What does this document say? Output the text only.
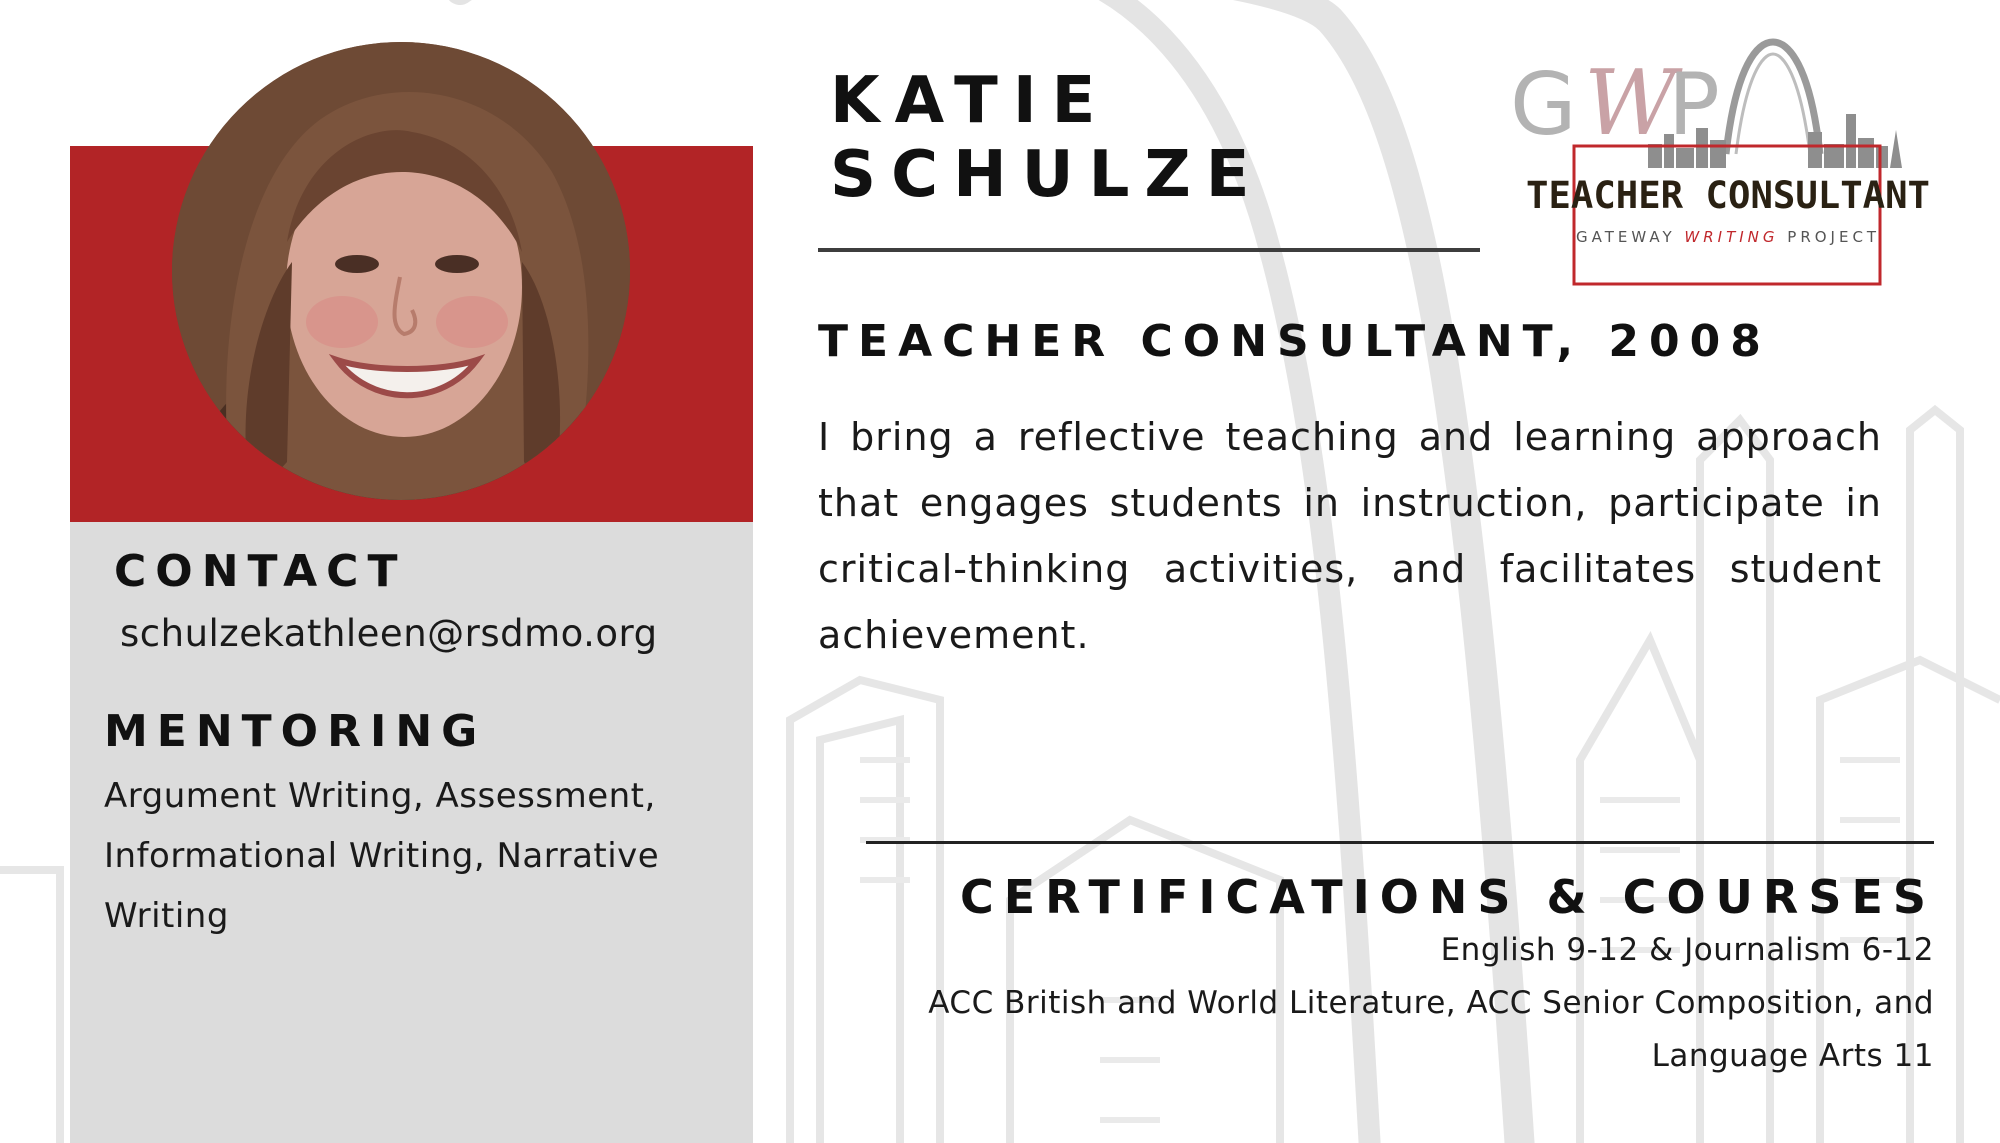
CONTACT
schulzekathleen@rsdmo.org
MENTORING
Argument Writing, Assessment, Informational Writing, Narrative Writing
KATIE
SCHULZE
TEACHER CONSULTANT, 2008

I bring a reflective teaching and learning approach that engages students in instruction, participate in critical-thinking activities, and facilitates student achievement.

CERTIFICATIONS & COURSES
English 9-12 & Journalism 6-12
ACC British and World Literature, ACC Senior Composition, and Language Arts 11
G W
P
TEACHER CONSULTANT
GATEWAY WRITING PROJECT
